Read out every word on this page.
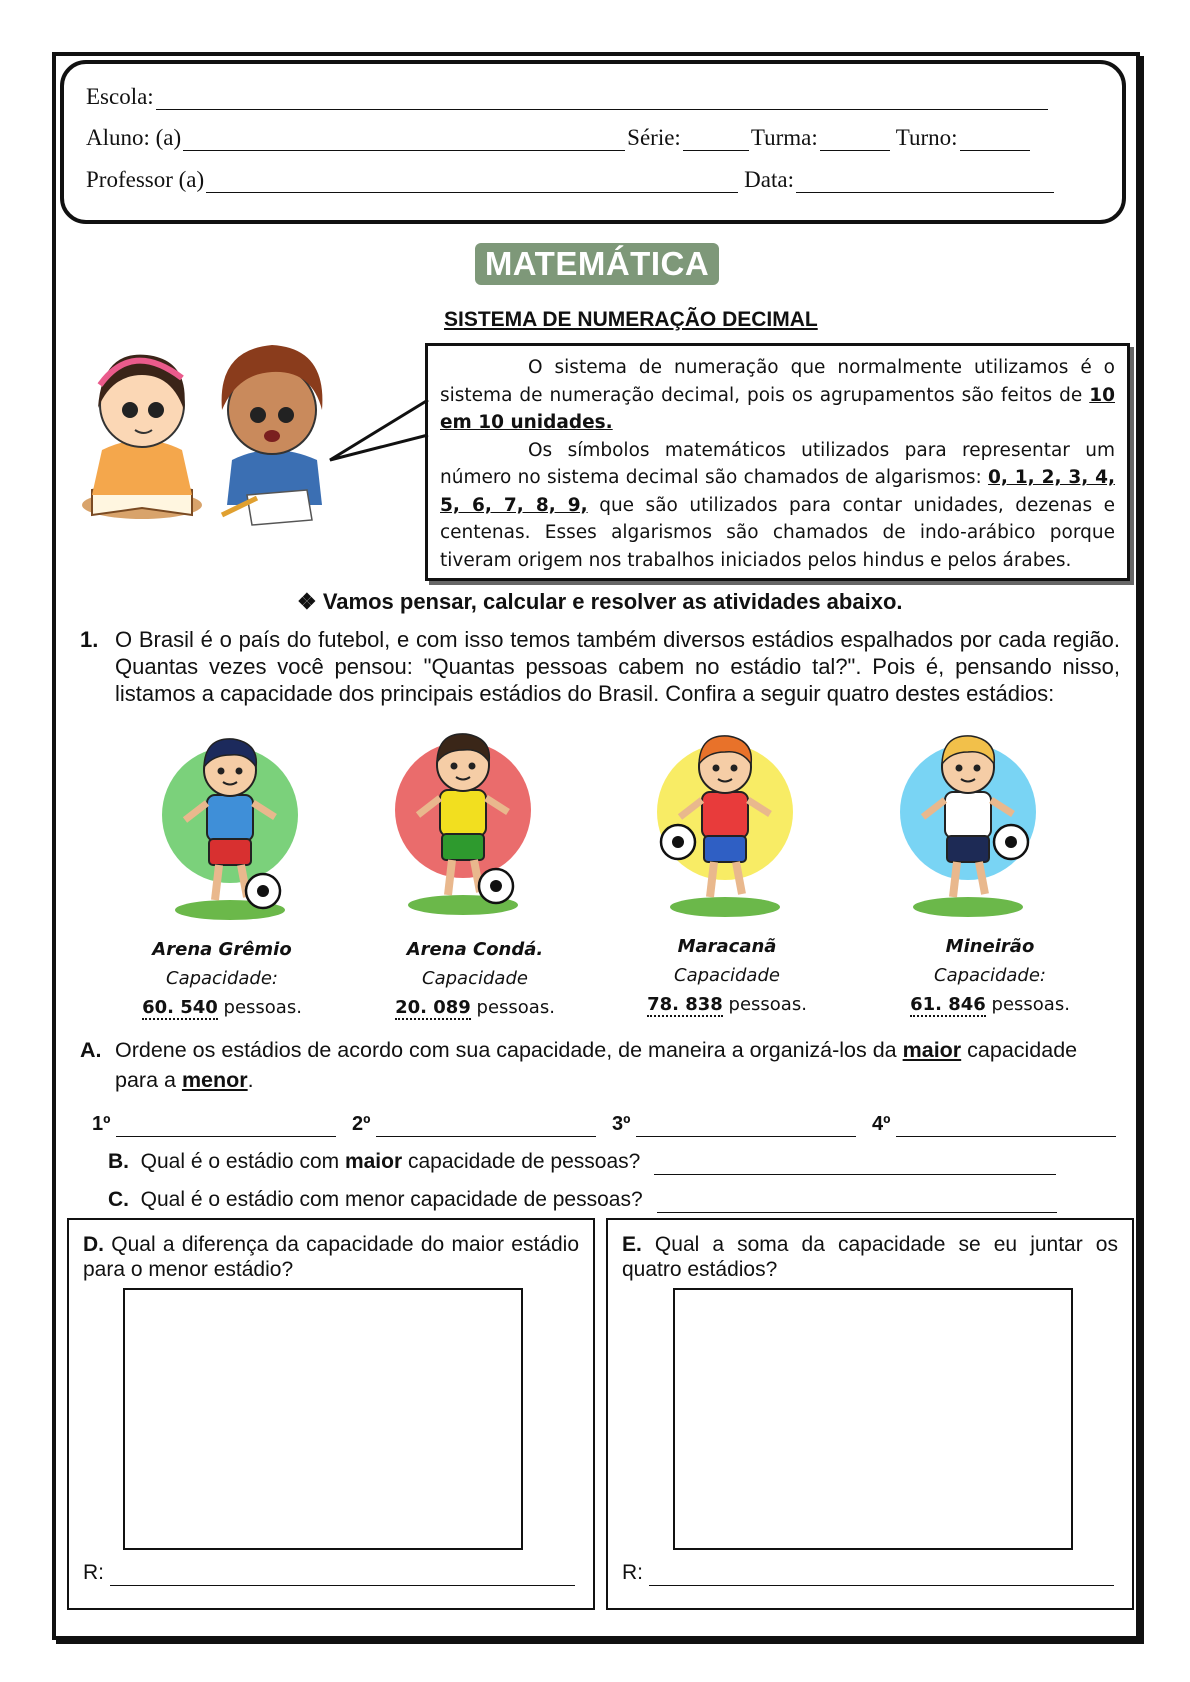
Escola:
Aluno: (a)	Série:	Turma:	Turno:
Professor (a)	Data:
MATEMÁTICA
SISTEMA DE NUMERAÇÃO DECIMAL

O sistema de numeração que normalmente utilizamos é o sistema de numeração decimal, pois os agrupamentos são feitos de 10 em 10 unidades.

Os símbolos matemáticos utilizados para representar um número no sistema decimal são chamados de algarismos: 0, 1, 2, 3, 4, 5, 6, 7, 8, 9, que são utilizados para contar unidades, dezenas e centenas. Esses algarismos são chamados de indo-arábico porque tiveram origem nos trabalhos iniciados pelos hindus e pelos árabes.

❖ Vamos pensar, calcular e resolver as atividades abaixo.
1. O Brasil é o país do futebol, e com isso temos também diversos estádios espalhados por cada região. Quantas vezes você pensou: "Quantas pessoas cabem no estádio tal?". Pois é, pensando nisso, listamos a capacidade dos principais estádios do Brasil. Confira a seguir quatro destes estádios:
Arena Grêmio
Capacidade:
60. 540 pessoas.
Arena Condá.
Capacidade
20. 089 pessoas.
Maracanã
Capacidade
78. 838 pessoas.
Mineirão
Capacidade:
61. 846 pessoas.
A. Ordene os estádios de acordo com sua capacidade, de maneira a organizá-los da maior capacidade para a menor.
1º	2º	3º	4º
B. Qual é o estádio com maior capacidade de pessoas?
C. Qual é o estádio com menor capacidade de pessoas?
D. Qual a diferença da capacidade do maior estádio para o menor estádio?
R:
E. Qual a soma da capacidade se eu juntar os quatro estádios?
R:
